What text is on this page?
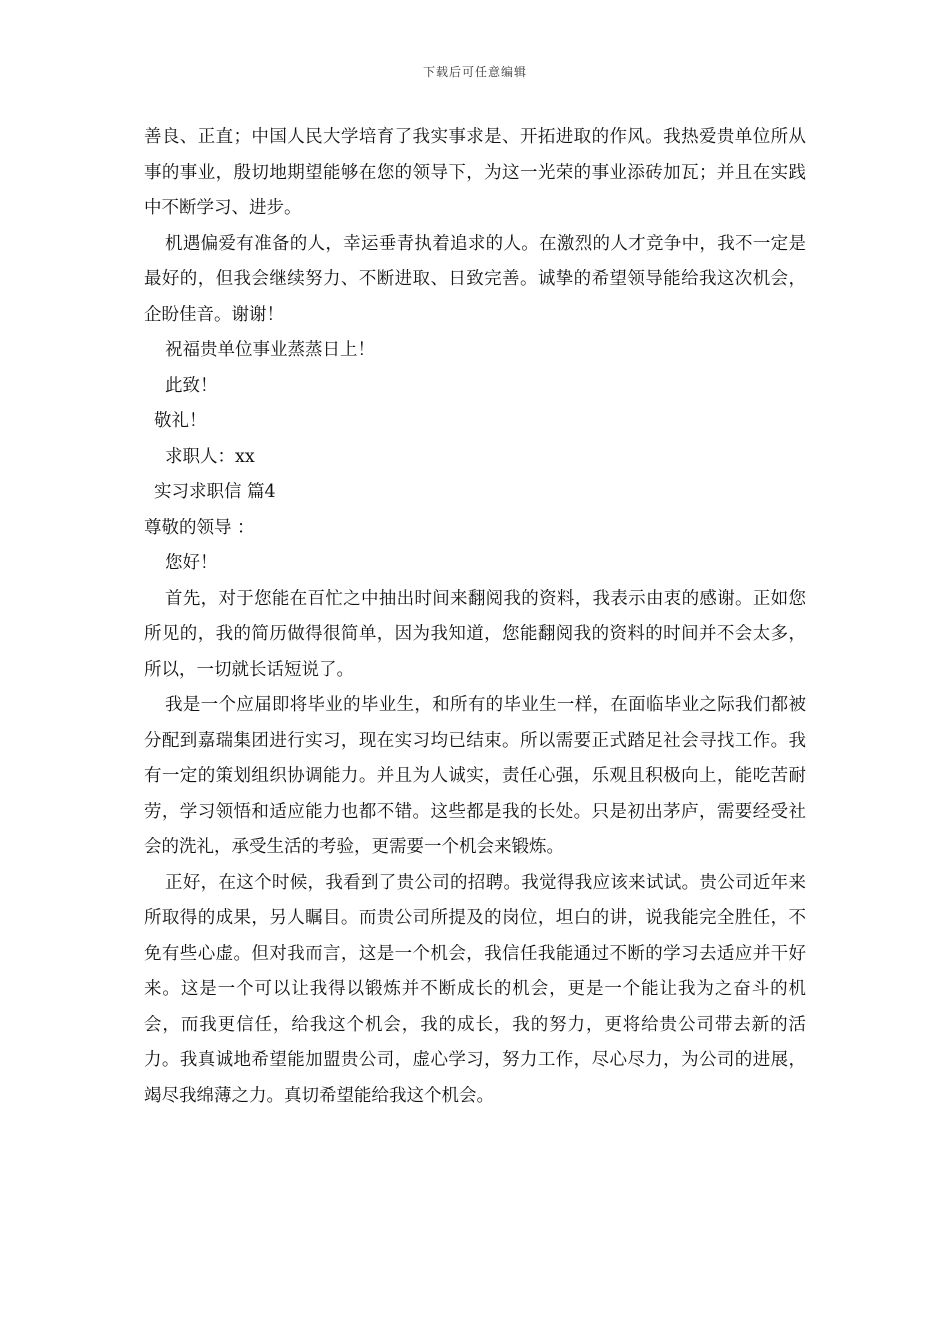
下载后可任意编辑

善良、正直；中国人民大学培育了我实事求是、开拓进取的作风。我热爱贵单位所从事的事业，殷切地期望能够在您的领导下，为这一光荣的事业添砖加瓦；并且在实践中不断学习、进步。

机遇偏爱有准备的人，幸运垂青执着追求的人。在激烈的人才竞争中，我不一定是最好的，但我会继续努力、不断进取、日致完善。诚挚的希望领导能给我这次机会，企盼佳音。谢谢！

祝福贵单位事业蒸蒸日上！

此致！

敬礼！

求职人：xx

实习求职信 篇4

尊敬的领导 ：

您好！

首先，对于您能在百忙之中抽出时间来翻阅我的资料，我表示由衷的感谢。正如您所见的，我的简历做得很简单，因为我知道，您能翻阅我的资料的时间并不会太多，所以，一切就长话短说了。

我是一个应届即将毕业的毕业生，和所有的毕业生一样，在面临毕业之际我们都被分配到嘉瑞集团进行实习，现在实习均已结束。所以需要正式踏足社会寻找工作。我有一定的策划组织协调能力。并且为人诚实，责任心强，乐观且积极向上，能吃苦耐劳，学习领悟和适应能力也都不错。这些都是我的长处。只是初出茅庐，需要经受社会的洗礼，承受生活的考验，更需要一个机会来锻炼。

正好，在这个时候，我看到了贵公司的招聘。我觉得我应该来试试。贵公司近年来所取得的成果，另人瞩目。而贵公司所提及的岗位，坦白的讲，说我能完全胜任，不免有些心虚。但对我而言，这是一个机会，我信任我能通过不断的学习去适应并干好来。这是一个可以让我得以锻炼并不断成长的机会，更是一个能让我为之奋斗的机会，而我更信任，给我这个机会，我的成长，我的努力，更将给贵公司带去新的活力。我真诚地希望能加盟贵公司，虚心学习，努力工作，尽心尽力，为公司的进展，竭尽我绵薄之力。真切希望能给我这个机会。
